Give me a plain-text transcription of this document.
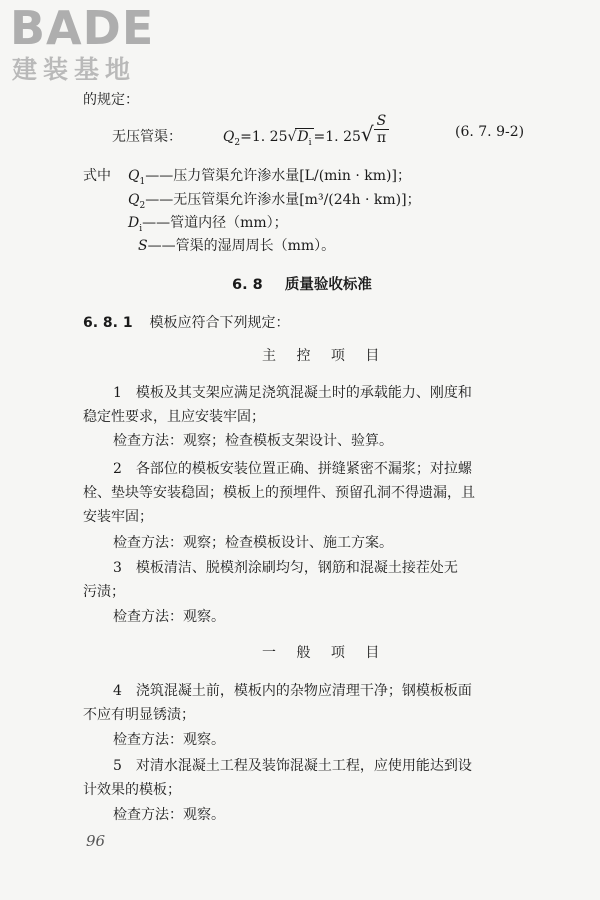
BADE
建装基地
的规定：
无压管渠：	$Q_2=1$. $25√D_i =1$. 25√
S
π	(6. 7. 9-2)
式中 $Q_1——$压力管渠允许渗水量[L/(min · km)]；
$Q_2——$无压管渠允许渗水量[m³/(24h · km)]；
$D_i——$管道内径（mm）；
S——管渠的湿周周长（mm）。
6. 8 质量验收标准
6. 8. 1 模板应符合下列规定：
主 控 项 目
1　模板及其支架应满足浇筑混凝土时的承载能力、刚度和
稳定性要求，且应安装牢固；
检查方法：观察；检查模板支架设计、验算。
2　各部位的模板安装位置正确、拼缝紧密不漏浆；对拉螺
栓、垫块等安装稳固；模板上的预埋件、预留孔洞不得遗漏，且
安装牢固；
检查方法：观察；检查模板设计、施工方案。
3　模板清洁、脱模剂涂刷均匀，钢筋和混凝土接茬处无
污渍；
检查方法：观察。
一 般 项 目
4　浇筑混凝土前，模板内的杂物应清理干净；钢模板板面
不应有明显锈渍；
检查方法：观察。
5　对清水混凝土工程及装饰混凝土工程，应使用能达到设
计效果的模板；
检查方法：观察。
96
